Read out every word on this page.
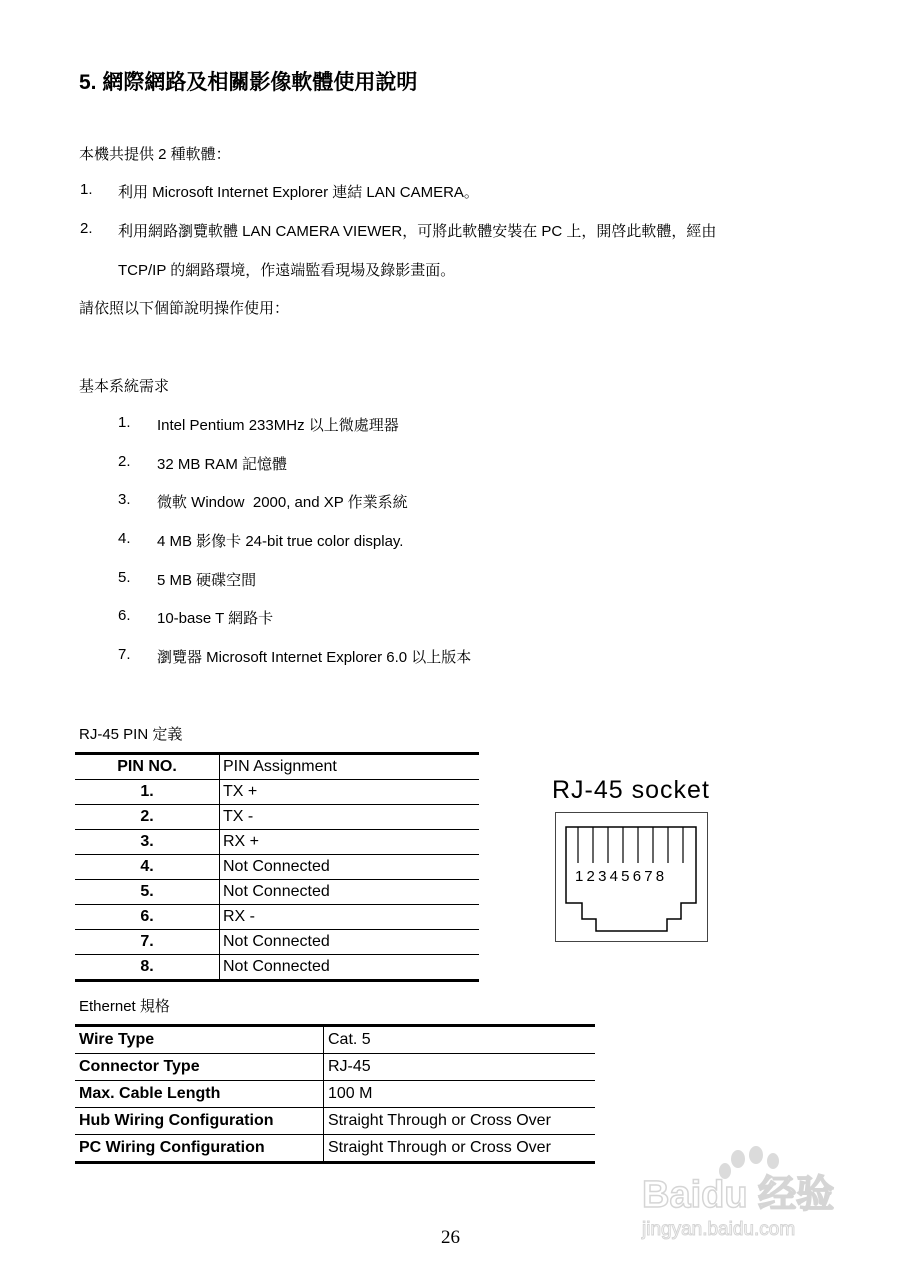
5. 網際網路及相關影像軟體使用說明
本機共提供 2 種軟體：
1. 利用 Microsoft Internet Explorer 連結 LAN CAMERA。
2. 利用網路瀏覽軟體 LAN CAMERA VIEWER，可將此軟體安裝在 PC 上，開啓此軟體，經由
TCP/IP 的網路環境，作遠端監看現場及錄影畫面。
請依照以下個節說明操作使用：
基本系統需求
1. Intel Pentium 233MHz 以上微處理器
2. 32 MB RAM 記憶體
3. 微軟 Window  2000, and XP 作業系統
4. 4 MB 影像卡 24-bit true color display.
5. 5 MB 硬碟空間
6. 10-base T 網路卡
7. 瀏覽器 Microsoft Internet Explorer 6.0 以上版本
RJ-45 PIN 定義
PIN NO.	PIN Assignment
1.	TX +
2.	TX -
3.	RX +
4.	Not Connected
5.	Not Connected
6.	RX -
7.	Not Connected
8.	Not Connected
RJ-45 socket
12345678
Ethernet 規格
Wire Type	Cat. 5
Connector Type	RJ-45
Max. Cable Length	100 M
Hub Wiring Configuration	Straight Through or Cross Over
PC Wiring Configuration	Straight Through or Cross Over
Baidu 经验
jingyan.baidu.com
26
